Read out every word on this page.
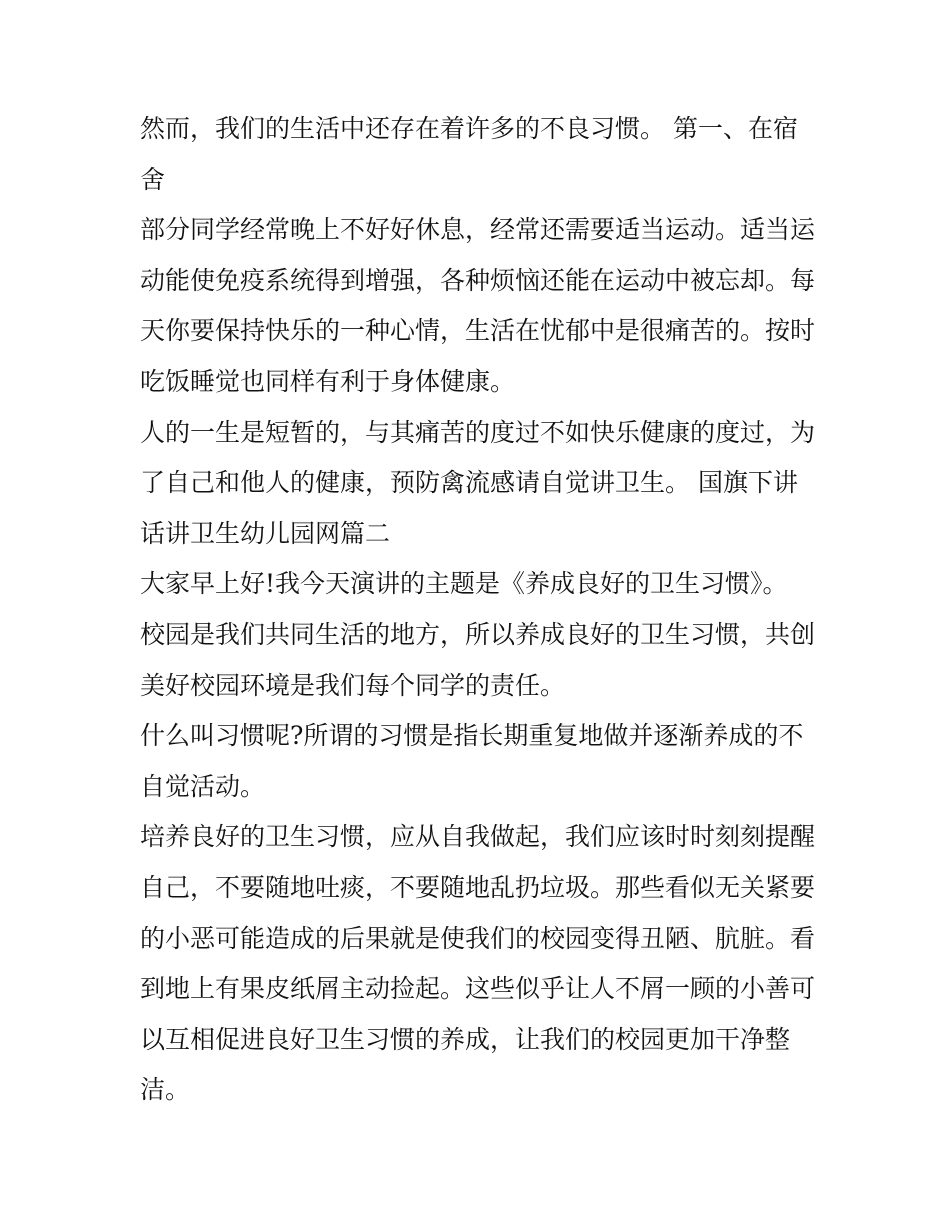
然而，我们的生活中还存在着许多的不良习惯。 第一、在宿
舍
部分同学经常晚上不好好休息，经常还需要适当运动。适当运
动能使免疫系统得到增强，各种烦恼还能在运动中被忘却。每
天你要保持快乐的一种心情，生活在忧郁中是很痛苦的。按时
吃饭睡觉也同样有利于身体健康。
人的一生是短暂的，与其痛苦的度过不如快乐健康的度过，为
了自己和他人的健康，预防禽流感请自觉讲卫生。 国旗下讲
话讲卫生幼儿园网篇二
大家早上好!我今天演讲的主题是《养成良好的卫生习惯》。
校园是我们共同生活的地方，所以养成良好的卫生习惯，共创
美好校园环境是我们每个同学的责任。
什么叫习惯呢?所谓的习惯是指长期重复地做并逐渐养成的不
自觉活动。
培养良好的卫生习惯，应从自我做起，我们应该时时刻刻提醒
自己，不要随地吐痰，不要随地乱扔垃圾。那些看似无关紧要
的小恶可能造成的后果就是使我们的校园变得丑陋、肮脏。看
到地上有果皮纸屑主动捡起。这些似乎让人不屑一顾的小善可
以互相促进良好卫生习惯的养成，让我们的校园更加干净整
洁。
